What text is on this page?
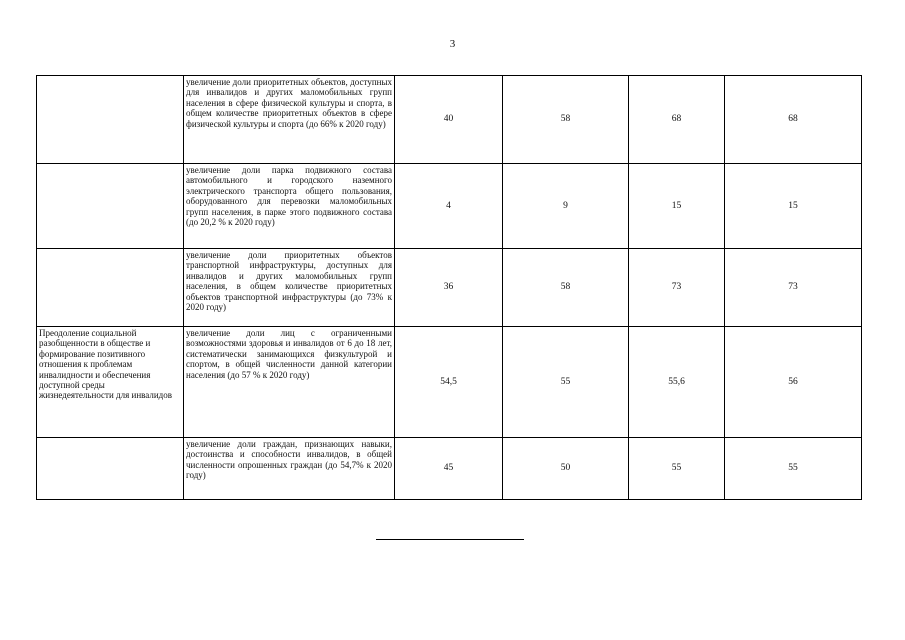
3
	увеличение доли приоритетных объектов, доступных для инвалидов и других маломобильных групп населения в сфере физической культуры и спорта, в общем количестве приоритетных объектов в сфере физической культуры и спорта (до 66% к 2020 году)	40	58	68	68
	увеличение доли парка подвижного состава автомобильного и городского наземного электрического транспорта общего пользования, оборудованного для перевозки маломобильных групп населения, в парке этого подвижного состава (до 20,2 % к 2020 году)	4	9	15	15
	увеличение доли приоритетных объектов транспортной инфраструктуры, доступных для инвалидов и других маломобильных групп населения, в общем количестве приоритетных объектов транспортной инфраструктуры (до 73% к 2020 году)	36	58	73	73
Преодоление социальной разобщенности в обществе и формирование позитивного отношения к проблемам инвалидности и обеспечения доступной среды жизнедеятельности для инвалидов	увеличение доли лиц с ограниченными возможностями здоровья и инвалидов от 6 до 18 лет, систематически занимающихся физкультурой и спортом, в общей численности данной категории населения (до 57 % к 2020 году)	54,5	55	55,6	56
	увеличение доли граждан, признающих навыки, достоинства и способности инвалидов, в общей численности опрошенных граждан (до 54,7% к 2020 году)	45	50	55	55
